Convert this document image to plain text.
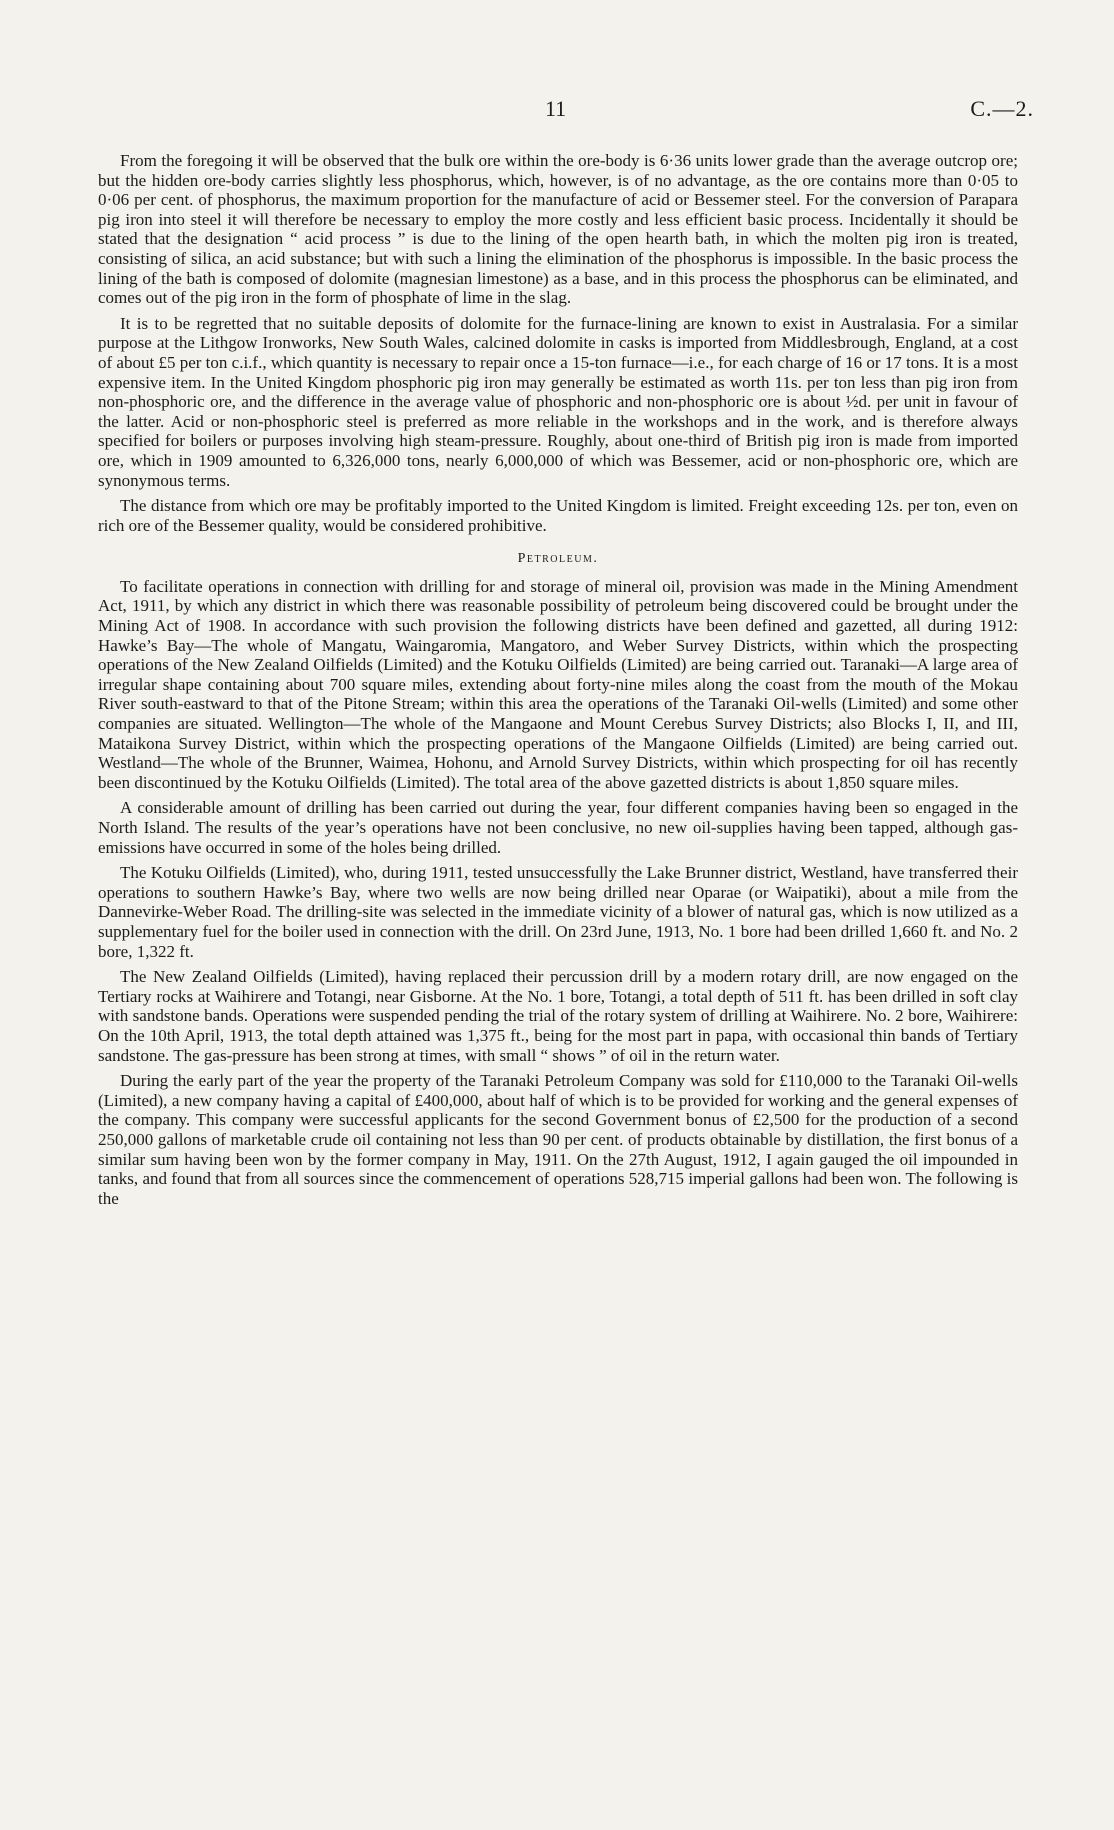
11	C.—2.

From the foregoing it will be observed that the bulk ore within the ore-body is 6·36 units lower grade than the average outcrop ore; but the hidden ore-body carries slightly less phosphorus, which, however, is of no advantage, as the ore contains more than 0·05 to 0·06 per cent. of phosphorus, the maximum proportion for the manufacture of acid or Bessemer steel. For the conversion of Parapara pig iron into steel it will therefore be necessary to employ the more costly and less efficient basic process. Incidentally it should be stated that the designation “ acid process ” is due to the lining of the open hearth bath, in which the molten pig iron is treated, consisting of silica, an acid substance; but with such a lining the elimination of the phosphorus is impossible. In the basic process the lining of the bath is composed of dolomite (magnesian limestone) as a base, and in this process the phosphorus can be eliminated, and comes out of the pig iron in the form of phosphate of lime in the slag.

It is to be regretted that no suitable deposits of dolomite for the furnace-lining are known to exist in Australasia. For a similar purpose at the Lithgow Ironworks, New South Wales, calcined dolomite in casks is imported from Middlesbrough, England, at a cost of about £5 per ton c.i.f., which quantity is necessary to repair once a 15-ton furnace—i.e., for each charge of 16 or 17 tons. It is a most expensive item. In the United Kingdom phosphoric pig iron may generally be estimated as worth 11s. per ton less than pig iron from non-phosphoric ore, and the difference in the average value of phosphoric and non-phosphoric ore is about ½d. per unit in favour of the latter. Acid or non-phosphoric steel is preferred as more reliable in the workshops and in the work, and is therefore always specified for boilers or purposes involving high steam-pressure. Roughly, about one-third of British pig iron is made from imported ore, which in 1909 amounted to 6,326,000 tons, nearly 6,000,000 of which was Bessemer, acid or non-phosphoric ore, which are synonymous terms.

The distance from which ore may be profitably imported to the United Kingdom is limited. Freight exceeding 12s. per ton, even on rich ore of the Bessemer quality, would be considered prohibitive.

Petroleum.

To facilitate operations in connection with drilling for and storage of mineral oil, provision was made in the Mining Amendment Act, 1911, by which any district in which there was reasonable possibility of petroleum being discovered could be brought under the Mining Act of 1908. In accordance with such provision the following districts have been defined and gazetted, all during 1912: Hawke’s Bay—The whole of Mangatu, Waingaromia, Mangatoro, and Weber Survey Districts, within which the prospecting operations of the New Zealand Oilfields (Limited) and the Kotuku Oilfields (Limited) are being carried out. Taranaki—A large area of irregular shape containing about 700 square miles, extending about forty-nine miles along the coast from the mouth of the Mokau River south-eastward to that of the Pitone Stream; within this area the operations of the Taranaki Oil-wells (Limited) and some other companies are situated. Wellington—The whole of the Mangaone and Mount Cerebus Survey Districts; also Blocks I, II, and III, Mataikona Survey District, within which the prospecting operations of the Mangaone Oilfields (Limited) are being carried out. Westland—The whole of the Brunner, Waimea, Hohonu, and Arnold Survey Districts, within which prospecting for oil has recently been discontinued by the Kotuku Oilfields (Limited). The total area of the above gazetted districts is about 1,850 square miles.

A considerable amount of drilling has been carried out during the year, four different companies having been so engaged in the North Island. The results of the year’s operations have not been conclusive, no new oil-supplies having been tapped, although gas-emissions have occurred in some of the holes being drilled.

The Kotuku Oilfields (Limited), who, during 1911, tested unsuccessfully the Lake Brunner district, Westland, have transferred their operations to southern Hawke’s Bay, where two wells are now being drilled near Oparae (or Waipatiki), about a mile from the Dannevirke-Weber Road. The drilling-site was selected in the immediate vicinity of a blower of natural gas, which is now utilized as a supplementary fuel for the boiler used in connection with the drill. On 23rd June, 1913, No. 1 bore had been drilled 1,660 ft. and No. 2 bore, 1,322 ft.

The New Zealand Oilfields (Limited), having replaced their percussion drill by a modern rotary drill, are now engaged on the Tertiary rocks at Waihirere and Totangi, near Gisborne. At the No. 1 bore, Totangi, a total depth of 511 ft. has been drilled in soft clay with sandstone bands. Operations were suspended pending the trial of the rotary system of drilling at Waihirere. No. 2 bore, Waihirere: On the 10th April, 1913, the total depth attained was 1,375 ft., being for the most part in papa, with occasional thin bands of Tertiary sandstone. The gas-pressure has been strong at times, with small “ shows ” of oil in the return water.

During the early part of the year the property of the Taranaki Petroleum Company was sold for £110,000 to the Taranaki Oil-wells (Limited), a new company having a capital of £400,000, about half of which is to be provided for working and the general expenses of the company. This company were successful applicants for the second Government bonus of £2,500 for the production of a second 250,000 gallons of marketable crude oil containing not less than 90 per cent. of products obtainable by distillation, the first bonus of a similar sum having been won by the former company in May, 1911. On the 27th August, 1912, I again gauged the oil impounded in tanks, and found that from all sources since the commencement of operations 528,715 imperial gallons had been won. The following is the
